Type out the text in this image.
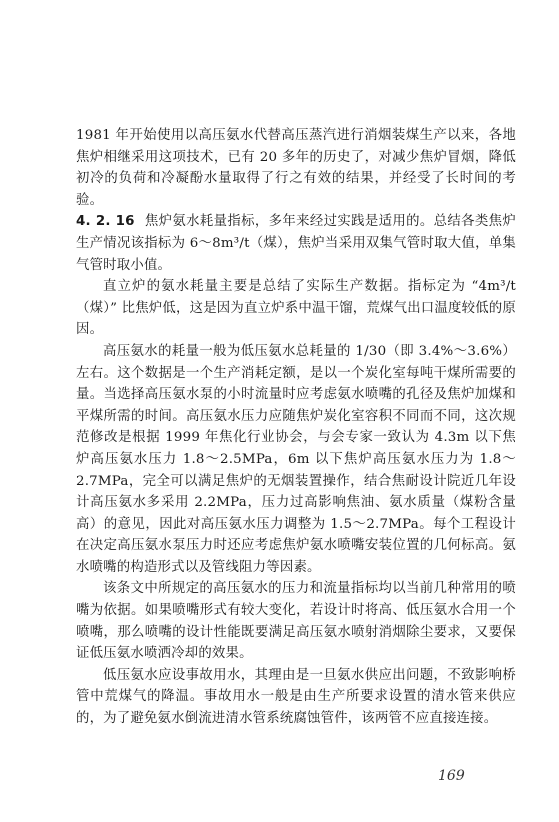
1981 年开始使用以高压氨水代替高压蒸汽进行消烟装煤生产以来，各地焦炉相继采用这项技术，已有 20 多年的历史了，对减少焦炉冒烟，降低初冷的负荷和冷凝酚水量取得了行之有效的结果，并经受了长时间的考验。

4. 2. 16 焦炉氨水耗量指标，多年来经过实践是适用的。总结各类焦炉生产情况该指标为 6～8m³/t（煤），焦炉当采用双集气管时取大值，单集气管时取小值。

直立炉的氨水耗量主要是总结了实际生产数据。指标定为 “4m³/t（煤）” 比焦炉低，这是因为直立炉系中温干馏，荒煤气出口温度较低的原因。

高压氨水的耗量一般为低压氨水总耗量的 1/30（即 3.4%～3.6%）左右。这个数据是一个生产消耗定额，是以一个炭化室每吨干煤所需要的量。当选择高压氨水泵的小时流量时应考虑氨水喷嘴的孔径及焦炉加煤和平煤所需的时间。高压氨水压力应随焦炉炭化室容积不同而不同，这次规范修改是根据 1999 年焦化行业协会，与会专家一致认为 4.3m 以下焦炉高压氨水压力 1.8～2.5MPa，6m 以下焦炉高压氨水压力为 1.8～2.7MPa，完全可以满足焦炉的无烟装置操作，结合焦耐设计院近几年设计高压氨水多采用 2.2MPa，压力过高影响焦油、氨水质量（煤粉含量高）的意见，因此对高压氨水压力调整为 1.5～2.7MPa。每个工程设计在决定高压氨水泵压力时还应考虑焦炉氨水喷嘴安装位置的几何标高。氨水喷嘴的构造形式以及管线阻力等因素。

该条文中所规定的高压氨水的压力和流量指标均以当前几种常用的喷嘴为依据。如果喷嘴形式有较大变化，若设计时将高、低压氨水合用一个喷嘴，那么喷嘴的设计性能既要满足高压氨水喷射消烟除尘要求，又要保证低压氨水喷洒冷却的效果。

低压氨水应设事故用水，其理由是一旦氨水供应出问题，不致影响桥管中荒煤气的降温。事故用水一般是由生产所要求设置的清水管来供应的，为了避免氨水倒流进清水管系统腐蚀管件，该两管不应直接连接。

169
